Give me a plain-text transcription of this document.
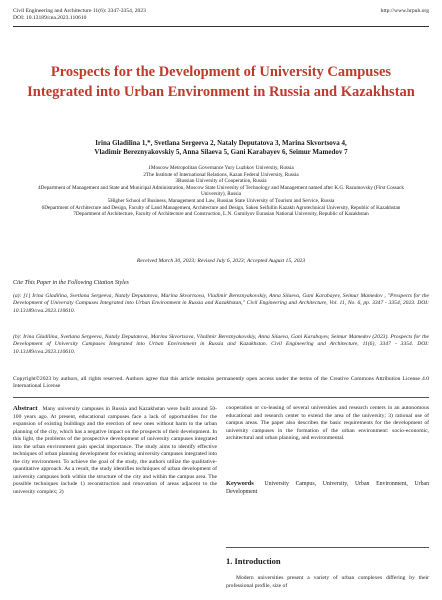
Civil Engineering and Architecture 11(6): 3347-3354, 2023	http://www.hrpub.org
DOI: 10.13189/cea.2023.110610
Prospects for the Development of University Campuses Integrated into Urban Environment in Russia and Kazakhstan
Irina Gladilina 1,*, Svetlana Sergeeva 2, Nataly Deputatova 3, Marina Skvortsova 4,
Vladimir Bereznyakovskiy 5, Anna Silaeva 5, Gani Karabayev 6, Seimur Mamedov 7
1Moscow Metropolitan Governance Yury Luzhkov University, Russia
2The Institute of International Relations, Kazan Federal University, Russia
3Russian University of Cooperation, Russia
4Department of Management and State and Municipal Administration, Moscow State University of Technology and Management named after K.G. Razumovsky (First Cossack University), Russia
5Higher School of Business, Management and Law, Russian State University of Tourism and Service, Russia
6Department of Architecture and Design, Faculty of Land Management, Architecture and Design, Saken Seifullin Kazakh Agrotechnical University, Republic of Kazakhstan
7Department of Architecture, Faculty of Architecture and Construction, L.N. Gumilyov Eurasian National University, Republic of Kazakhstan
Received March 30, 2023; Revised July 6, 2023; Accepted August 15, 2023
Cite This Paper in the Following Citation Styles
(a): [1] Irina Gladilina, Svetlana Sergeeva, Nataly Deputatova, Marina Skvortsova, Vladimir Bereznyakovskiy, Anna Silaeva, Gani Karabayev, Seimur Mamedov , "Prospects for the Development of University Campuses Integrated into Urban Environment in Russia and Kazakhstan," Civil Engineering and Architecture, Vol. 11, No. 6, pp. 3347 - 3354, 2023. DOI: 10.13189/cea.2023.110610.
(b): Irina Gladilina, Svetlana Sergeeva, Nataly Deputatova, Marina Skvortsova, Vladimir Bereznyakovskiy, Anna Silaeva, Gani Karabayev, Seimur Mamedov (2023). Prospects for the Development of University Campuses Integrated into Urban Environment in Russia and Kazakhstan. Civil Engineering and Architecture, 11(6), 3347 - 3354. DOI: 10.13189/cea.2023.110610.
Copyright©2023 by authors, all rights reserved. Authors agree that this article remains permanently open access under the terms of the Creative Commons Attribution License 4.0 International License
Abstract Many university campuses in Russia and Kazakhstan were built around 50-100 years ago. At present, educational campuses face a lack of opportunities for the expansion of existing buildings and the erection of new ones without harm to the urban planning of the city, which has a negative impact on the prospects of their development. In this light, the problems of the prospective development of university campuses integrated into the urban environment gain special importance. The study aims to identify effective techniques of urban planning development for existing university campuses integrated into the city environment. To achieve the goal of the study, the authors utilize the qualitative-quantitative approach. As a result, the study identifies techniques of urban development of university campuses both within the structure of the city and within the campus area. The possible techniques include 1) reconstruction and renovation of areas adjacent to the university complex; 2)
cooperation or co-leasing of several universities and research centers in an autonomous educational and research center to extend the area of the university; 3) rational use of campus areas. The paper also describes the basic requirements for the development of university campuses in the formation of the urban environment: socio-economic, architectural and urban planning, and environmental.
Keywords University Campus, University, Urban Environment, Urban Development
1. Introduction
Modern universities present a variety of urban complexes differing by their professional profile, size of
